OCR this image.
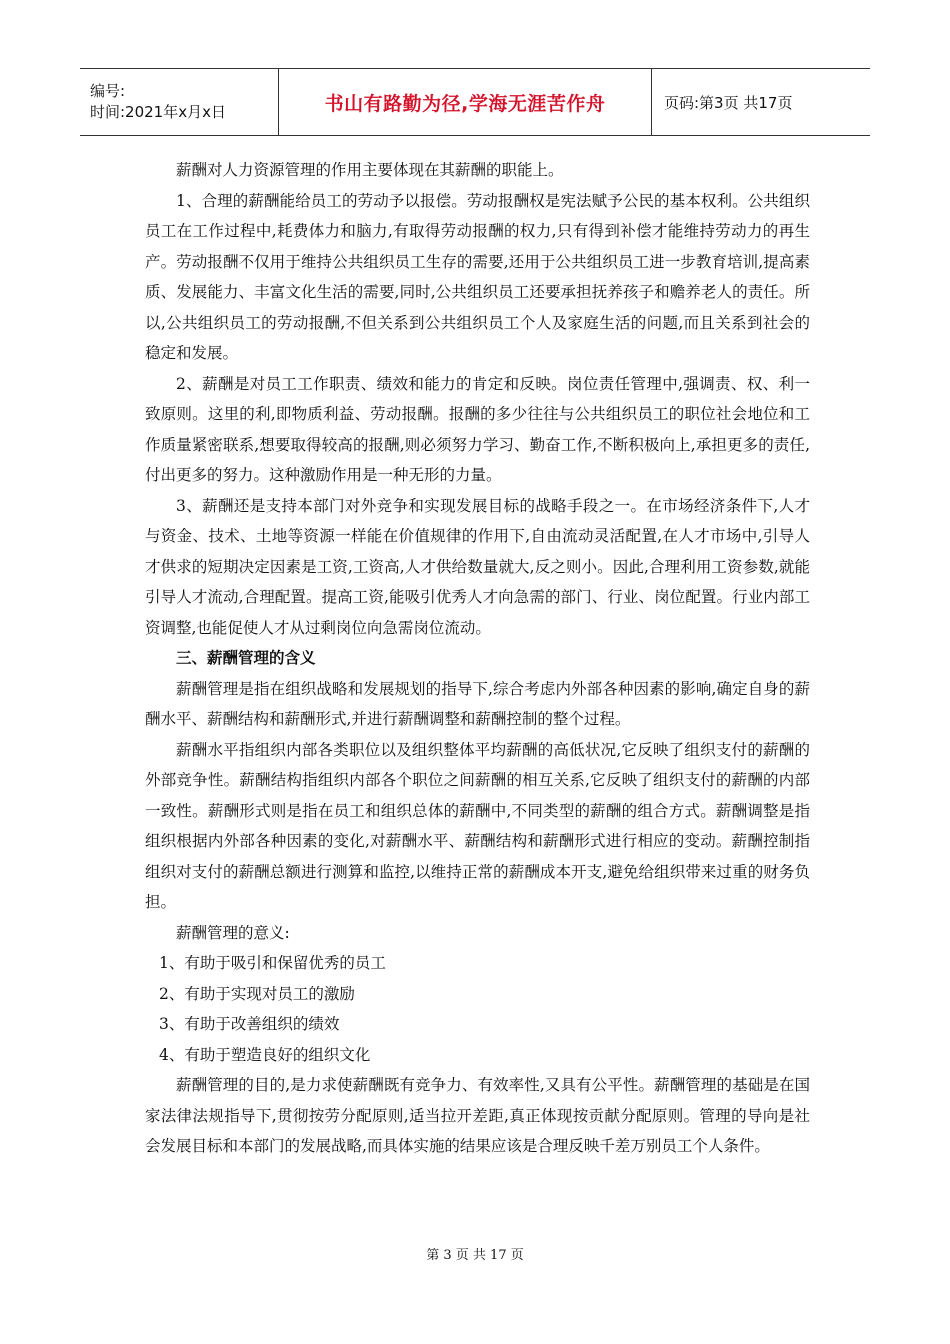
编号:
时间:2021年x月x日	书山有路勤为径,学海无涯苦作舟	页码:第3页 共17页

薪酬对人力资源管理的作用主要体现在其薪酬的职能上。

1、合理的薪酬能给员工的劳动予以报偿。劳动报酬权是宪法赋予公民的基本权利。公共组织员工在工作过程中,耗费体力和脑力,有取得劳动报酬的权力,只有得到补偿才能维持劳动力的再生产。劳动报酬不仅用于维持公共组织员工生存的需要,还用于公共组织员工进一步教育培训,提高素质、发展能力、丰富文化生活的需要,同时,公共组织员工还要承担抚养孩子和赡养老人的责任。所以,公共组织员工的劳动报酬,不但关系到公共组织员工个人及家庭生活的问题,而且关系到社会的稳定和发展。

2、薪酬是对员工工作职责、绩效和能力的肯定和反映。岗位责任管理中,强调责、权、利一致原则。这里的利,即物质利益、劳动报酬。报酬的多少往往与公共组织员工的职位社会地位和工作质量紧密联系,想要取得较高的报酬,则必须努力学习、勤奋工作,不断积极向上,承担更多的责任,付出更多的努力。这种激励作用是一种无形的力量。

3、薪酬还是支持本部门对外竞争和实现发展目标的战略手段之一。在市场经济条件下,人才与资金、技术、土地等资源一样能在价值规律的作用下,自由流动灵活配置,在人才市场中,引导人才供求的短期决定因素是工资,工资高,人才供给数量就大,反之则小。因此,合理利用工资参数,就能引导人才流动,合理配置。提高工资,能吸引优秀人才向急需的部门、行业、岗位配置。行业内部工资调整,也能促使人才从过剩岗位向急需岗位流动。

三、薪酬管理的含义

薪酬管理是指在组织战略和发展规划的指导下,综合考虑内外部各种因素的影响,确定自身的薪酬水平、薪酬结构和薪酬形式,并进行薪酬调整和薪酬控制的整个过程。

薪酬水平指组织内部各类职位以及组织整体平均薪酬的高低状况,它反映了组织支付的薪酬的外部竞争性。薪酬结构指组织内部各个职位之间薪酬的相互关系,它反映了组织支付的薪酬的内部一致性。薪酬形式则是指在员工和组织总体的薪酬中,不同类型的薪酬的组合方式。薪酬调整是指组织根据内外部各种因素的变化,对薪酬水平、薪酬结构和薪酬形式进行相应的变动。薪酬控制指组织对支付的薪酬总额进行测算和监控,以维持正常的薪酬成本开支,避免给组织带来过重的财务负担。

薪酬管理的意义:

1、有助于吸引和保留优秀的员工

2、有助于实现对员工的激励

3、有助于改善组织的绩效

4、有助于塑造良好的组织文化

薪酬管理的目的,是力求使薪酬既有竞争力、有效率性,又具有公平性。薪酬管理的基础是在国家法律法规指导下,贯彻按劳分配原则,适当拉开差距,真正体现按贡献分配原则。管理的导向是社会发展目标和本部门的发展战略,而具体实施的结果应该是合理反映千差万别员工个人条件。

第 3 页 共 17 页
